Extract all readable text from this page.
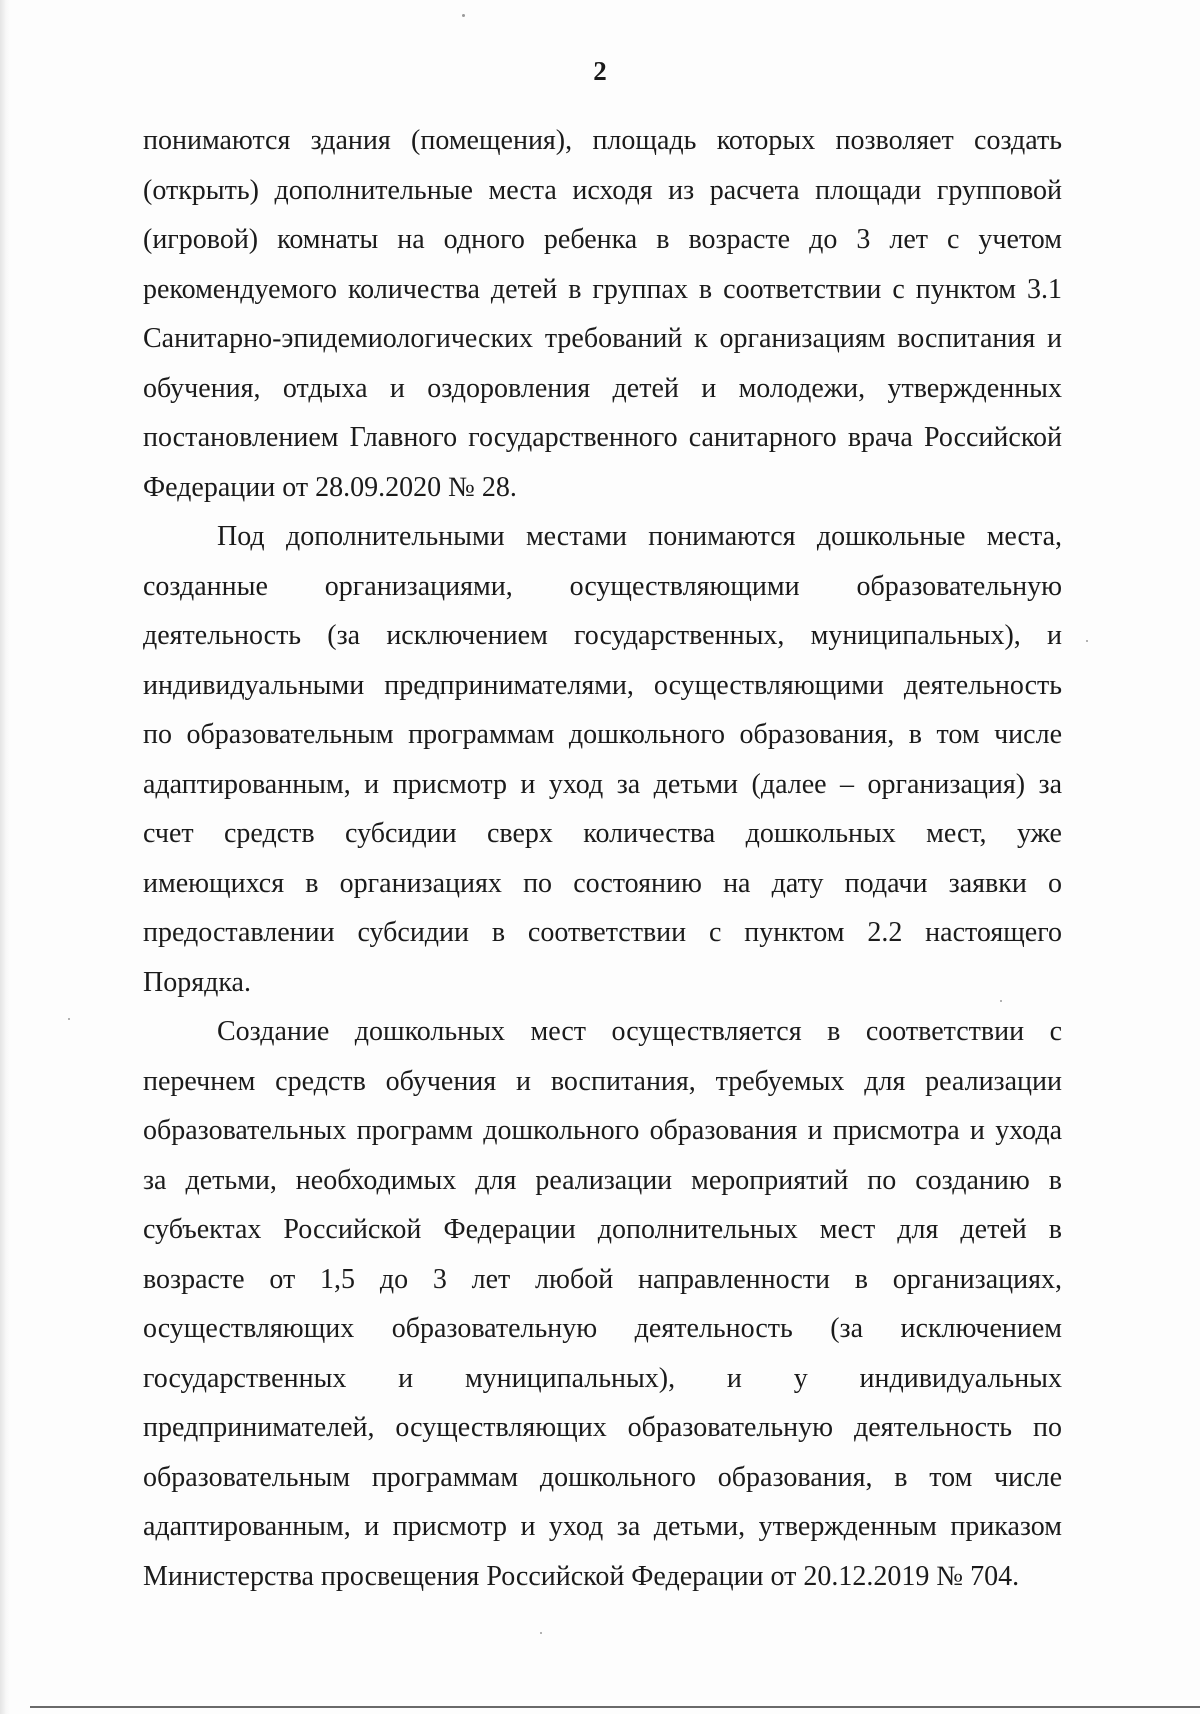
2
понимаются здания (помещения), площадь которых позволяет создать
(открыть) дополнительные места исходя из расчета площади групповой
(игровой) комнаты на одного ребенка в возрасте до 3 лет с учетом
рекомендуемого количества детей в группах в соответствии с пунктом 3.1
Санитарно-эпидемиологических требований к организациям воспитания и
обучения, отдыха и оздоровления детей и молодежи, утвержденных
постановлением Главного государственного санитарного врача Российской
Федерации от 28.09.2020 № 28.
Под дополнительными местами понимаются дошкольные места,
созданные организациями, осуществляющими образовательную
деятельность (за исключением государственных, муниципальных), и
индивидуальными предпринимателями, осуществляющими деятельность
по образовательным программам дошкольного образования, в том числе
адаптированным, и присмотр и уход за детьми (далее – организация) за
счет средств субсидии сверх количества дошкольных мест, уже
имеющихся в организациях по состоянию на дату подачи заявки о
предоставлении субсидии в соответствии с пунктом 2.2 настоящего
Порядка.
Создание дошкольных мест осуществляется в соответствии с
перечнем средств обучения и воспитания, требуемых для реализации
образовательных программ дошкольного образования и присмотра и ухода
за детьми, необходимых для реализации мероприятий по созданию в
субъектах Российской Федерации дополнительных мест для детей в
возрасте от 1,5 до 3 лет любой направленности в организациях,
осуществляющих образовательную деятельность (за исключением
государственных и муниципальных), и у индивидуальных
предпринимателей, осуществляющих образовательную деятельность по
образовательным программам дошкольного образования, в том числе
адаптированным, и присмотр и уход за детьми, утвержденным приказом
Министерства просвещения Российской Федерации от 20.12.2019 № 704.
